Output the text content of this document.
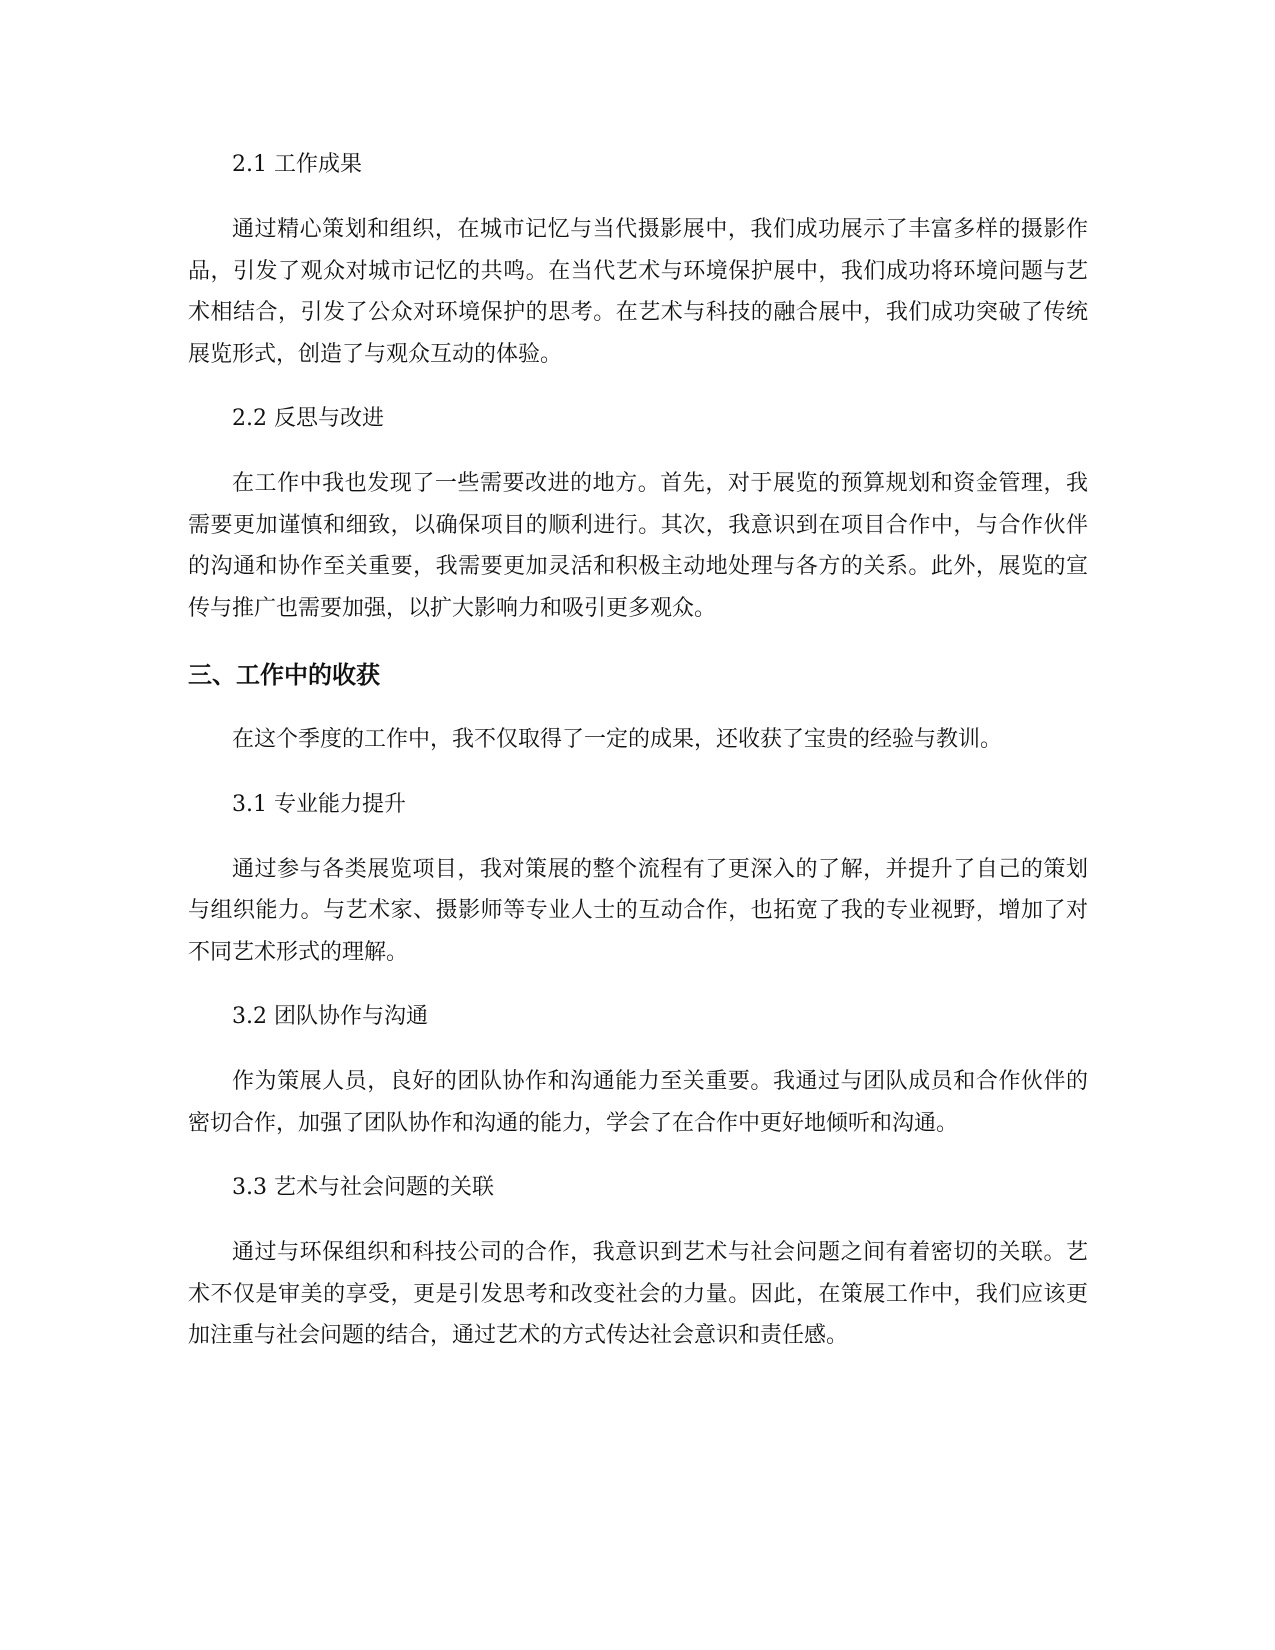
2.1 工作成果

通过精心策划和组织，在城市记忆与当代摄影展中，我们成功展示了丰富多样的摄影作品，引发了观众对城市记忆的共鸣。在当代艺术与环境保护展中，我们成功将环境问题与艺术相结合，引发了公众对环境保护的思考。在艺术与科技的融合展中，我们成功突破了传统展览形式，创造了与观众互动的体验。

2.2 反思与改进

在工作中我也发现了一些需要改进的地方。首先，对于展览的预算规划和资金管理，我需要更加谨慎和细致，以确保项目的顺利进行。其次，我意识到在项目合作中，与合作伙伴的沟通和协作至关重要，我需要更加灵活和积极主动地处理与各方的关系。此外，展览的宣传与推广也需要加强，以扩大影响力和吸引更多观众。

三、工作中的收获

在这个季度的工作中，我不仅取得了一定的成果，还收获了宝贵的经验与教训。

3.1 专业能力提升

通过参与各类展览项目，我对策展的整个流程有了更深入的了解，并提升了自己的策划与组织能力。与艺术家、摄影师等专业人士的互动合作，也拓宽了我的专业视野，增加了对不同艺术形式的理解。

3.2 团队协作与沟通

作为策展人员，良好的团队协作和沟通能力至关重要。我通过与团队成员和合作伙伴的密切合作，加强了团队协作和沟通的能力，学会了在合作中更好地倾听和沟通。

3.3 艺术与社会问题的关联

通过与环保组织和科技公司的合作，我意识到艺术与社会问题之间有着密切的关联。艺术不仅是审美的享受，更是引发思考和改变社会的力量。因此，在策展工作中，我们应该更加注重与社会问题的结合，通过艺术的方式传达社会意识和责任感。
